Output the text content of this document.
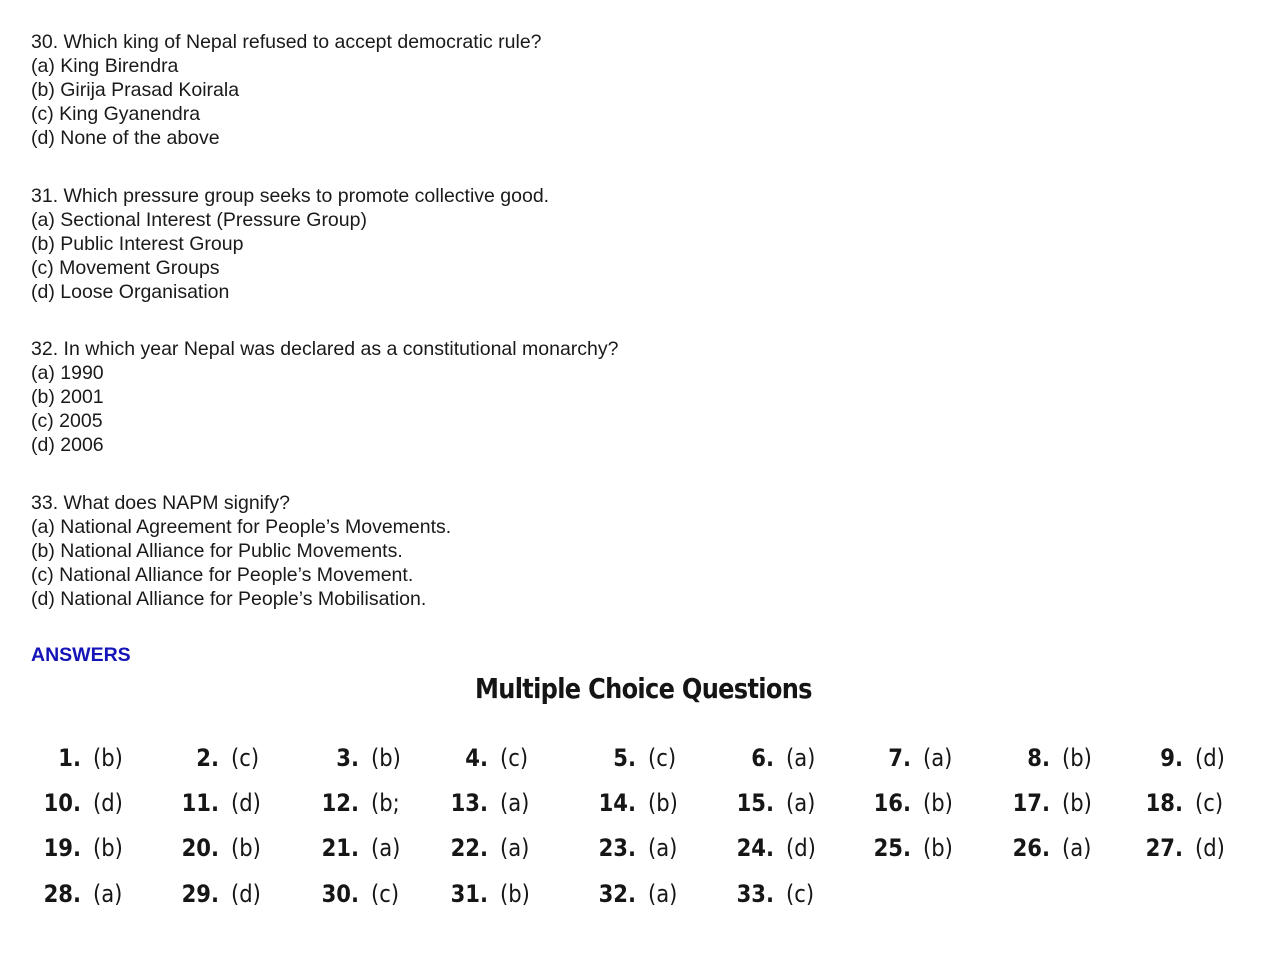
30. Which king of Nepal refused to accept democratic rule?
(a) King Birendra
(b) Girija Prasad Koirala
(c) King Gyanendra
(d) None of the above
31. Which pressure group seeks to promote collective good.
(a) Sectional Interest (Pressure Group)
(b) Public Interest Group
(c) Movement Groups
(d) Loose Organisation
32. In which year Nepal was declared as a constitutional monarchy?
(a) 1990
(b) 2001
(c) 2005
(d) 2006
33. What does NAPM signify?
(a) National Agreement for People’s Movements.
(b) National Alliance for Public Movements.
(c) National Alliance for People’s Movement.
(d) National Alliance for People’s Mobilisation.
ANSWERS
Multiple Choice Questions
1. (b)	2. (c)	3. (b)	4. (c)	5. (c)	6. (a)	7. (a)	8. (b)	9. (d)
10. (d)	11. (d)	12. (b;	13. (a)	14. (b)	15. (a)	16. (b)	17. (b)	18. (c)
19. (b)	20. (b)	21. (a)	22. (a)	23. (a)	24. (d)	25. (b)	26. (a)	27. (d)
28. (a)	29. (d)	30. (c)	31. (b)	32. (a)	33. (c)
